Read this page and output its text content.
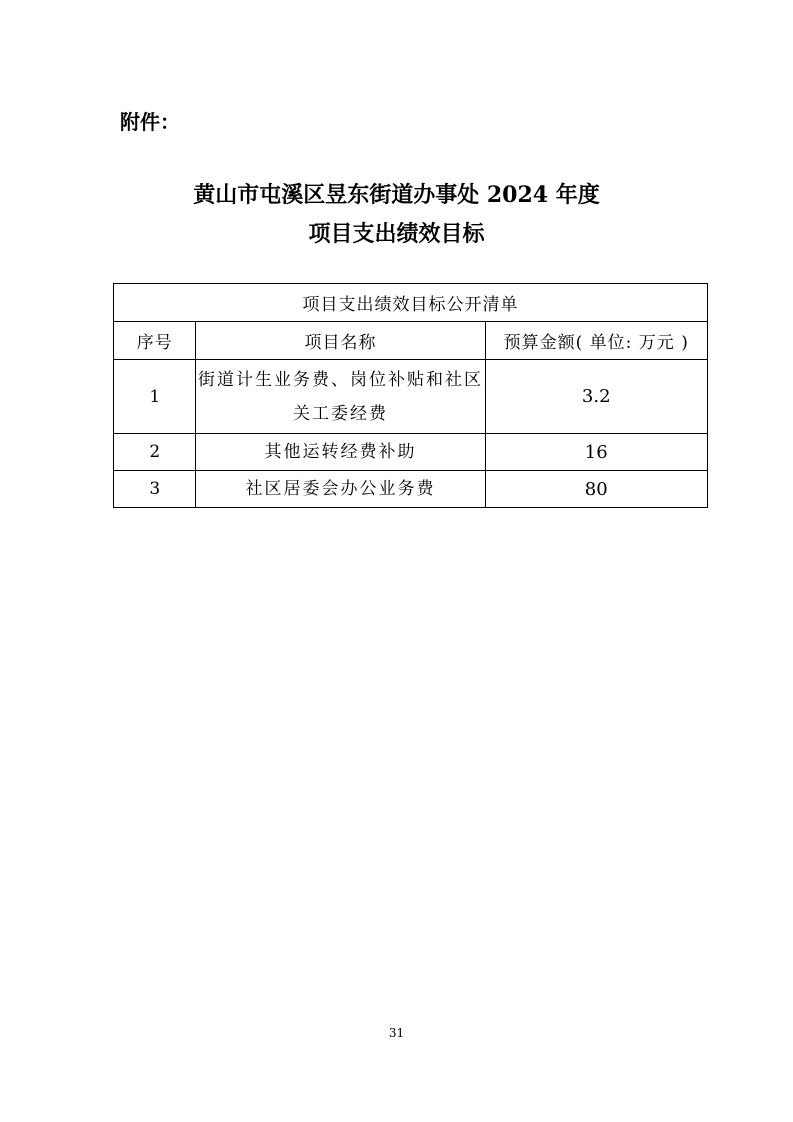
附件：
黄山市屯溪区昱东街道办事处 2024 年度
项目支出绩效目标
项目支出绩效目标公开清单		
序号	项目名称	预算金额( 单位: 万元 )
1	街道计生业务费、岗位补贴和社区关工委经费	3.2
2	其他运转经费补助	16
3	社区居委会办公业务费	80
31
